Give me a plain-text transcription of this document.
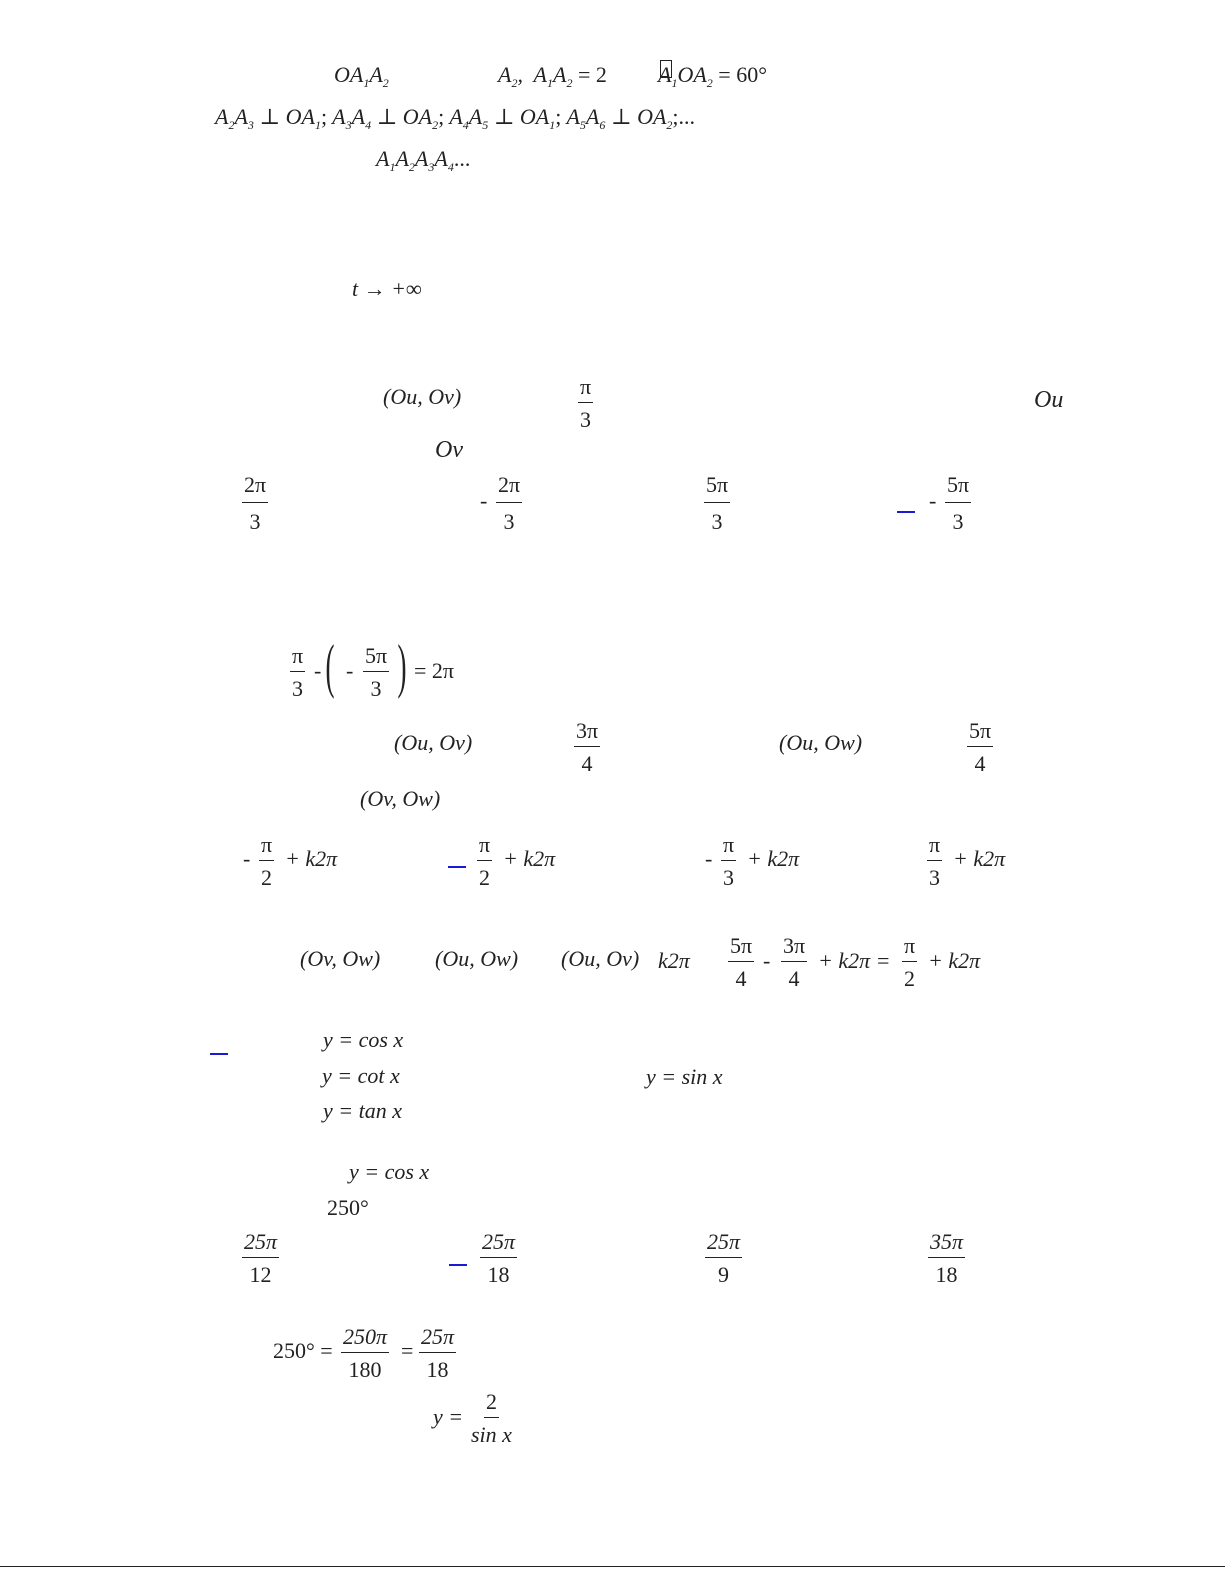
$OA_1A_2$	$A_2$,  $A_1A_2 = 2$ $A_1OA_2 = 60^\circ$
$A_2A_3$ ⊥ $OA_1$; $A_3A_4$ ⊥ $OA_2$; $A_4A_5$ ⊥ $OA_1$; $A_5A_6$ ⊥ $OA_2$;...
$A_1A_2A_3A_4$...
t → +∞
(Ou, Ov)	$\frac{\pi}{3}$	Ou
Ov
$\frac{2\pi}{3}$	- $\frac{2\pi}{3}$	$\frac{5\pi}{3}$	- $\frac{5\pi}{3}$
$\frac{\pi}{3}$ - ( - $\frac{5\pi}{3}$ ) = 2π
(Ou, Ov)	$\frac{3\pi}{4}$	(Ou, Ow)	$\frac{5\pi}{4}$
(Ov, Ow)
- $\frac{\pi}{2} + k2\pi$	$\frac{\pi}{2} + k2\pi$	- $\frac{\pi}{3} + k2\pi$	$\frac{\pi}{3} + k2\pi$
(Ov, Ow) (Ou, Ow) (Ou, Ov) $k2\pi \frac{5\pi}{4} - \frac{3\pi}{4} + k2\pi = \frac{\pi}{2} + k2\pi$
y = cos x
y = cot x	y = sin x
y = tan x
y = cos x
250°
$\frac{25\pi}{12}$	$\frac{25\pi}{18}$	$\frac{25\pi}{9}$	$\frac{35\pi}{18}$
$250^\circ = \frac{250\pi}{180} = \frac{25\pi}{18}$
$y = \frac{2}{\text{sin x}}$
